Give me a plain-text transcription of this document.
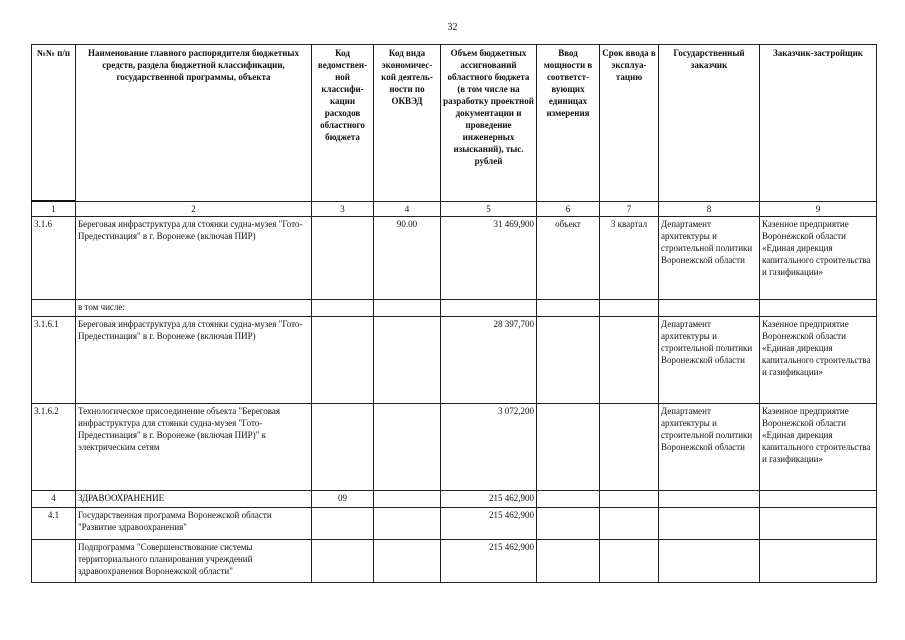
32
№№ п/п	Наименование главного распорядителя бюджетных средств, раздела бюджетной классификации, государственной программы, объекта	Код ведомствен-ной классифи-кации расходов областного бюджета	Код вида экономичес-кой деятель-ности по ОКВЭД	Объем бюджетных ассигнований областного бюджета (в том числе на разработку проектной документации и проведение инженерных изысканий), тыс. рублей	Ввод мощности в соответст-вующих единицах измерения	Срок ввода в эксплуа-тацию	Государственный заказчик	Заказчик-застройщик
1	2	3	4	5	6	7	8	9
3.1.6	Береговая инфраструктура для стоянки судна-музея "Гото-Предестинация" в г. Воронеже (включая ПИР)		90.00	31 469,900	объект	3 квартал	Департамент архитектуры и строительной политики Воронежской области	Казенное предприятие Воронежской области «Единая дирекция капитального строительства и газификации»
	в том числе:							
3.1.6.1	Береговая инфраструктура для стоянки судна-музея "Гото-Предестинация" в г. Воронеже (включая ПИР)			28 397,700			Департамент архитектуры и строительной политики Воронежской области	Казенное предприятие Воронежской области «Единая дирекция капитального строительства и газификации»
3.1.6.2	Технологическое присоединение объекта "Береговая инфраструктура для стоянки судна-музея "Гото-Предестинация" в г. Воронеже (включая ПИР)" к электрическим сетям			3 072,200			Департамент архитектуры и строительной политики Воронежской области	Казенное предприятие Воронежской области «Единая дирекция капитального строительства и газификации»
4	ЗДРАВООХРАНЕНИЕ	09		215 462,900				
4.1	Государственная программа Воронежской области "Развитие здравоохранения"			215 462,900				
	Подпрограмма "Совершенствование системы территориального планирования учреждений здравоохранения Воронежской области"			215 462,900				
